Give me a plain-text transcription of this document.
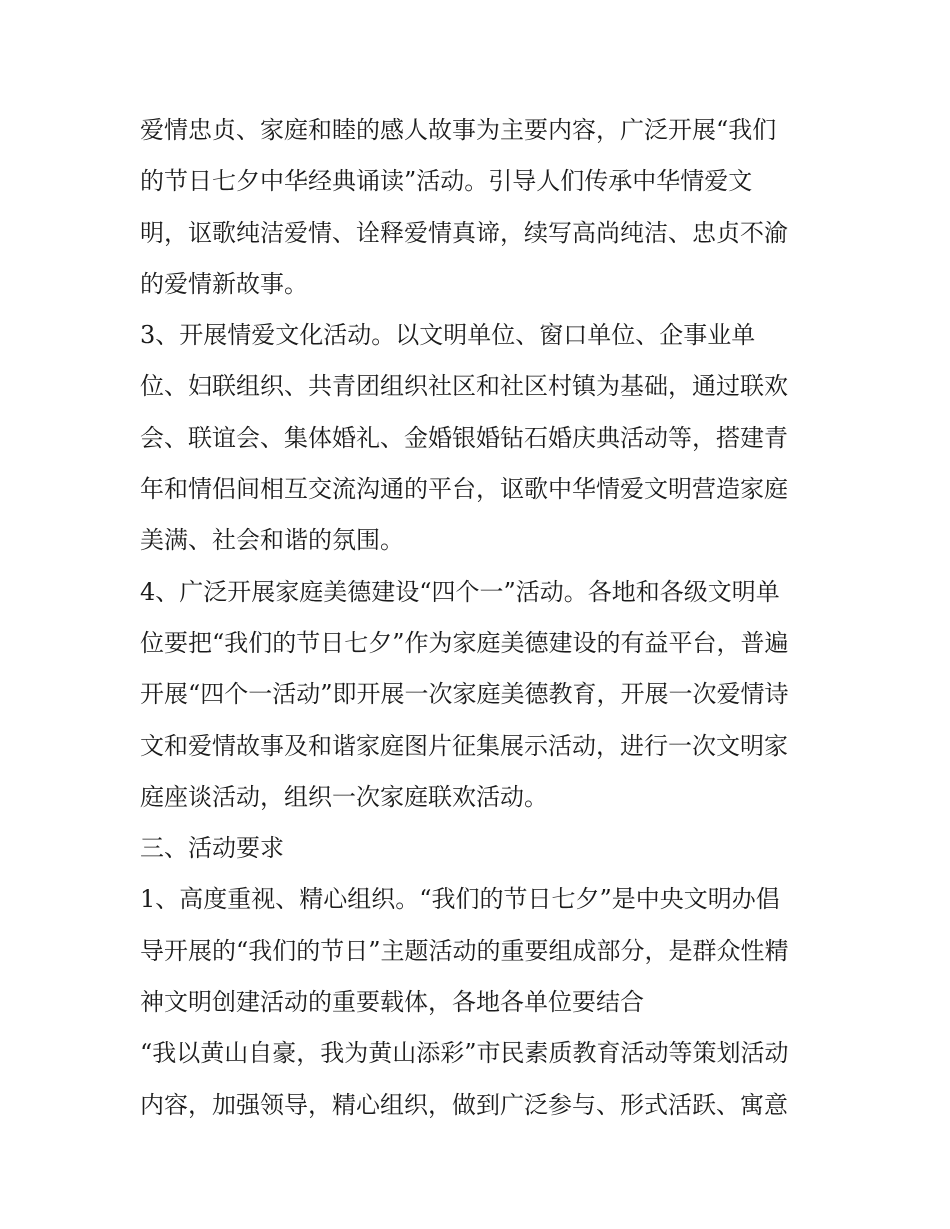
爱情忠贞、家庭和睦的感人故事为主要内容，广泛开展“我们
的节日七夕中华经典诵读”活动。引导人们传承中华情爱文
明，讴歌纯洁爱情、诠释爱情真谛，续写高尚纯洁、忠贞不渝
的爱情新故事。
3、开展情爱文化活动。以文明单位、窗口单位、企事业单
位、妇联组织、共青团组织社区和社区村镇为基础，通过联欢
会、联谊会、集体婚礼、金婚银婚钻石婚庆典活动等，搭建青
年和情侣间相互交流沟通的平台，讴歌中华情爱文明营造家庭
美满、社会和谐的氛围。
4、广泛开展家庭美德建设“四个一”活动。各地和各级文明单
位要把“我们的节日七夕”作为家庭美德建设的有益平台，普遍
开展“四个一活动”即开展一次家庭美德教育，开展一次爱情诗
文和爱情故事及和谐家庭图片征集展示活动，进行一次文明家
庭座谈活动，组织一次家庭联欢活动。
三、活动要求
1、高度重视、精心组织。“我们的节日七夕”是中央文明办倡
导开展的“我们的节日”主题活动的重要组成部分，是群众性精
神文明创建活动的重要载体，各地各单位要结合
“我以黄山自豪，我为黄山添彩”市民素质教育活动等策划活动
内容，加强领导，精心组织，做到广泛参与、形式活跃、寓意
